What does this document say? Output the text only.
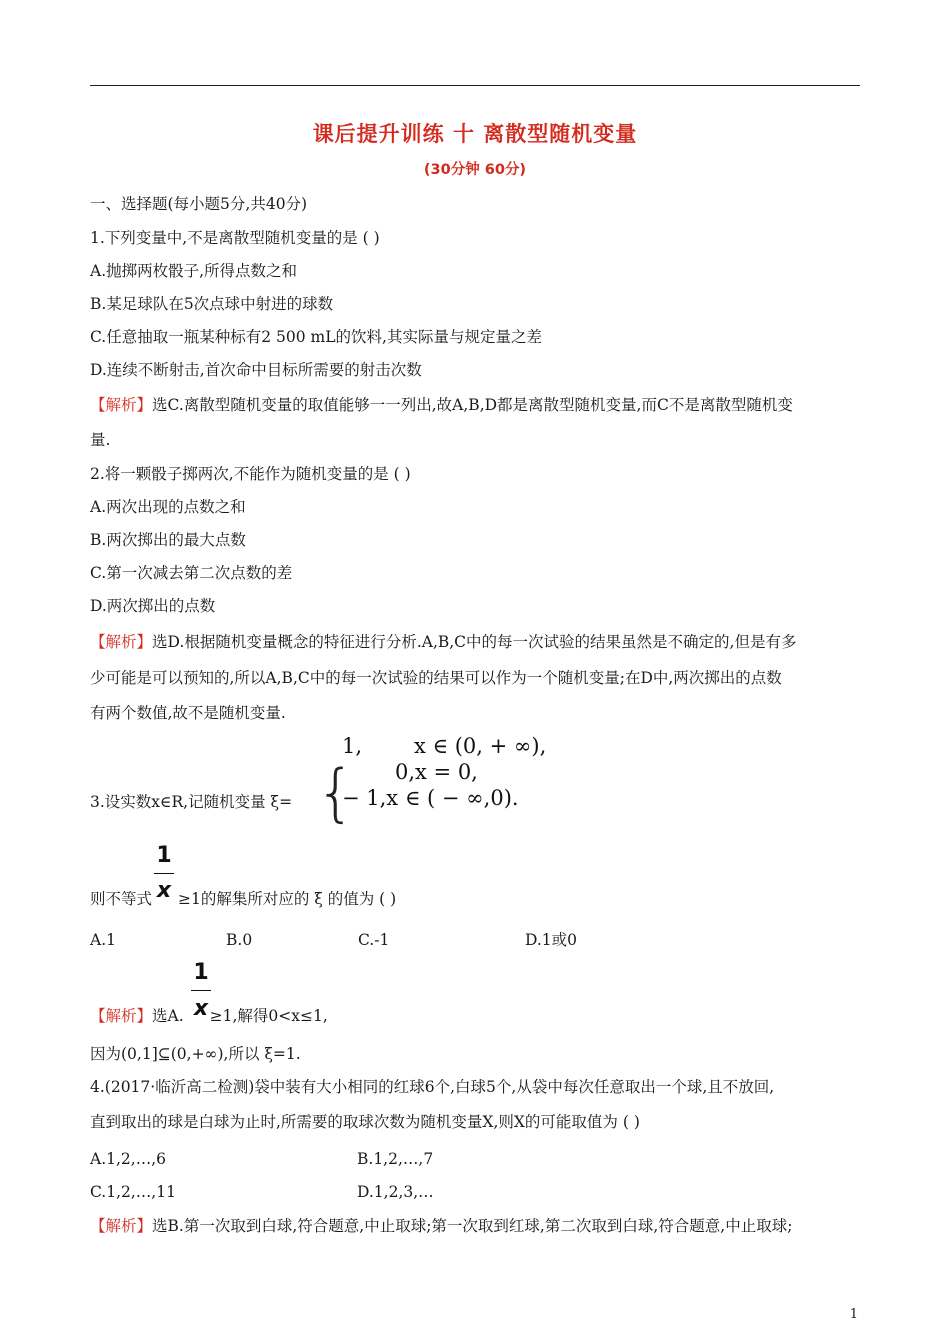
课后提升训练 十 离散型随机变量
(30分钟 60分)
一、选择题(每小题5分,共40分)
1.下列变量中,不是离散型随机变量的是 ( )
A.抛掷两枚骰子,所得点数之和
B.某足球队在5次点球中射进的球数
C.任意抽取一瓶某种标有2 500 mL的饮料,其实际量与规定量之差
D.连续不断射击,首次命中目标所需要的射击次数
【解析】选C.离散型随机变量的取值能够一一列出,故A,B,D都是离散型随机变量,而C不是离散型随机变
量.
2.将一颗骰子掷两次,不能作为随机变量的是 ( )
A.两次出现的点数之和
B.两次掷出的最大点数
C.第一次减去第二次点数的差
D.两次掷出的点数
【解析】选D.根据随机变量概念的特征进行分析.A,B,C中的每一次试验的结果虽然是不确定的,但是有多
少可能是可以预知的,所以A,B,C中的每一次试验的结果可以作为一个随机变量;在D中,两次掷出的点数
有两个数值,故不是随机变量.
{
1, x ∈ (0, + ∞),
0,x = 0,
− 1,x ∈ ( − ∞,0).
3.设实数x∈R,记随机变量 ξ=
1
x
则不等式 ≥1的解集所对应的 ξ 的值为 ( )
A.1	B.0	C.-1	D.1或0
1
x
【解析】选A. ≥1,解得0<x≤1,
因为(0,1]⊆(0,+∞),所以 ξ=1.
4.(2017·临沂高二检测)袋中装有大小相同的红球6个,白球5个,从袋中每次任意取出一个球,且不放回,
直到取出的球是白球为止时,所需要的取球次数为随机变量X,则X的可能取值为 ( )
A.1,2,…,6	B.1,2,…,7
C.1,2,…,11	D.1,2,3,…
【解析】选B.第一次取到白球,符合题意,中止取球;第一次取到红球,第二次取到白球,符合题意,中止取球;
1
